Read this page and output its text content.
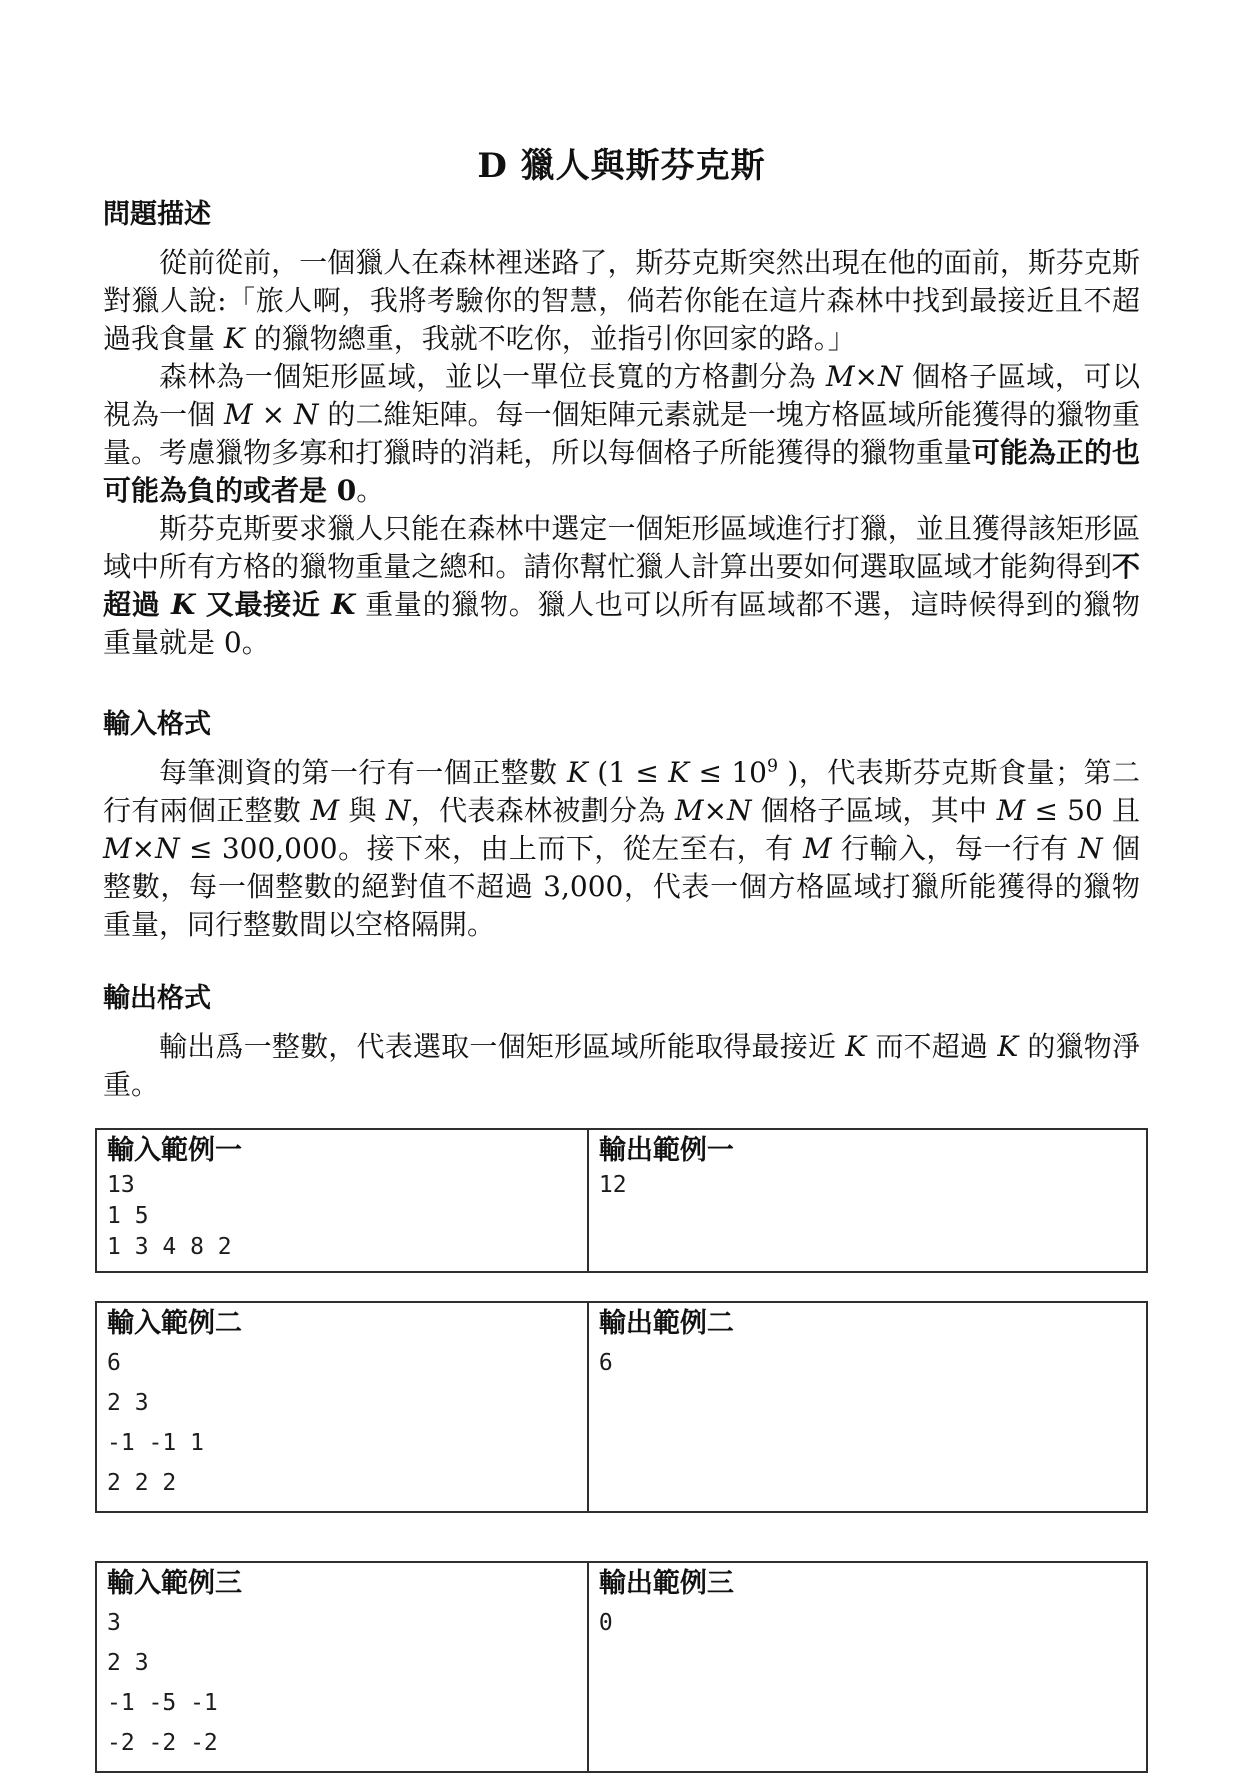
D 獵人與斯芬克斯
問題描述

從前從前，一個獵人在森林裡迷路了，斯芬克斯突然出現在他的面前，斯芬克斯對獵人說:「旅人啊，我將考驗你的智慧，倘若你能在這片森林中找到最接近且不超過我食量 K 的獵物總重，我就不吃你，並指引你回家的路。」

森林為一個矩形區域，並以一單位長寬的方格劃分為 M×N 個格子區域，可以視為一個 M × N 的二維矩陣。每一個矩陣元素就是一塊方格區域所能獲得的獵物重量。考慮獵物多寡和打獵時的消耗，所以每個格子所能獲得的獵物重量可能為正的也可能為負的或者是 0。

斯芬克斯要求獵人只能在森林中選定一個矩形區域進行打獵，並且獲得該矩形區域中所有方格的獵物重量之總和。請你幫忙獵人計算出要如何選取區域才能夠得到不超過 K 又最接近 K 重量的獵物。獵人也可以所有區域都不選，這時候得到的獵物重量就是 0。

輸入格式

每筆測資的第一行有一個正整數 K ($1 \le K \le 10^9$ )，代表斯芬克斯食量；第二行有兩個正整數 M 與 N，代表森林被劃分為 M×N 個格子區域，其中 M ≤ 50 且 M×N ≤ 300,000。接下來，由上而下，從左至右，有 M 行輸入，每一行有 N 個整數，每一個整數的絕對值不超過 3,000，代表一個方格區域打獵所能獲得的獵物重量，同行整數間以空格隔開。

輸出格式

輸出爲一整數，代表選取一個矩形區域所能取得最接近 K 而不超過 K 的獵物淨重。

輸入範例一
13
1 5
1 3 4 8 2

輸出範例一
12
輸入範例二
6
2 3
-1 -1 1
2 2 2

輸出範例二
6
輸入範例三
3
2 3
-1 -5 -1
-2 -2 -2

輸出範例三
0
